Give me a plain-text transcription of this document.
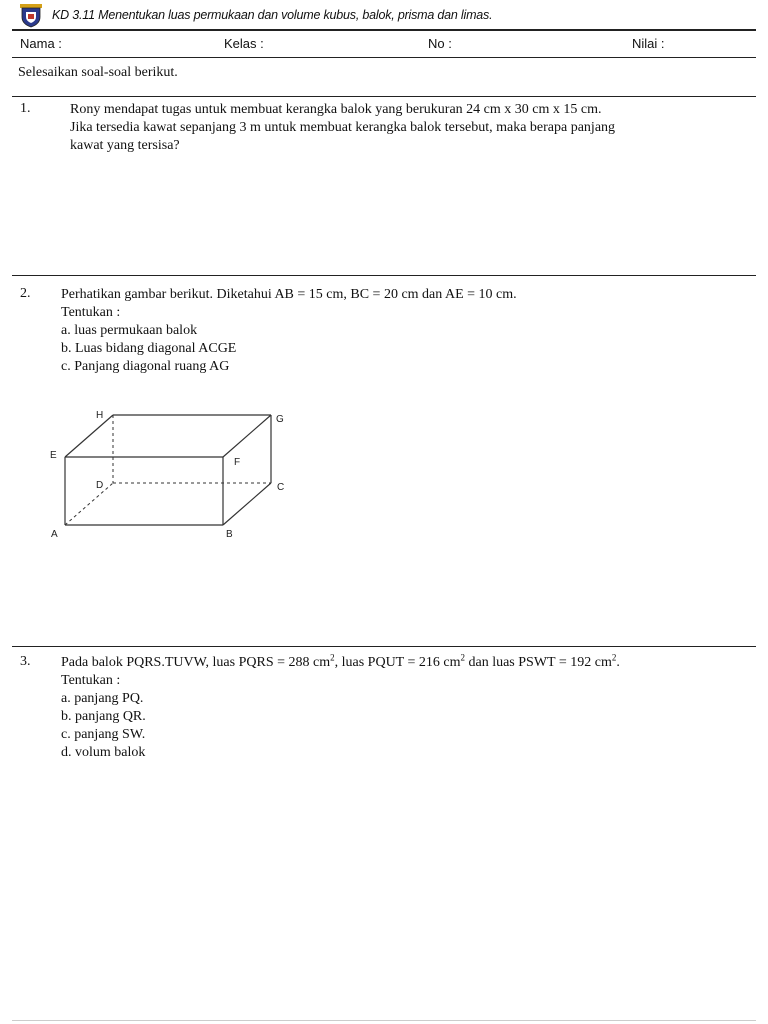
KD 3.11 Menentukan luas permukaan dan volume kubus, balok, prisma dan limas.
Nama :	Kelas :	No :	Nilai :
Selesaikan soal-soal berikut.
1.	Rony mendapat tugas untuk membuat kerangka balok yang berukuran 24 cm x 30 cm x 15 cm.
Jika tersedia kawat sepanjang 3 m untuk membuat kerangka balok tersebut, maka berapa panjang
kawat yang tersisa?
2. Perhatikan gambar berikut. Diketahui AB = 15 cm, BC = 20 cm dan AE = 10 cm.
Tentukan :
a. luas permukaan balok
b. Luas bidang diagonal ACGE
c. Panjang diagonal ruang AG
H	G
E
F
D	C
A	B
3. Pada balok PQRS.TUVW, luas PQRS = 288 $cm^2$, luas PQUT = 216 $cm^2$ dan luas PSWT = 192 $cm^2$.
Tentukan :
a. panjang PQ.
b. panjang QR.
c. panjang SW.
d. volum balok
